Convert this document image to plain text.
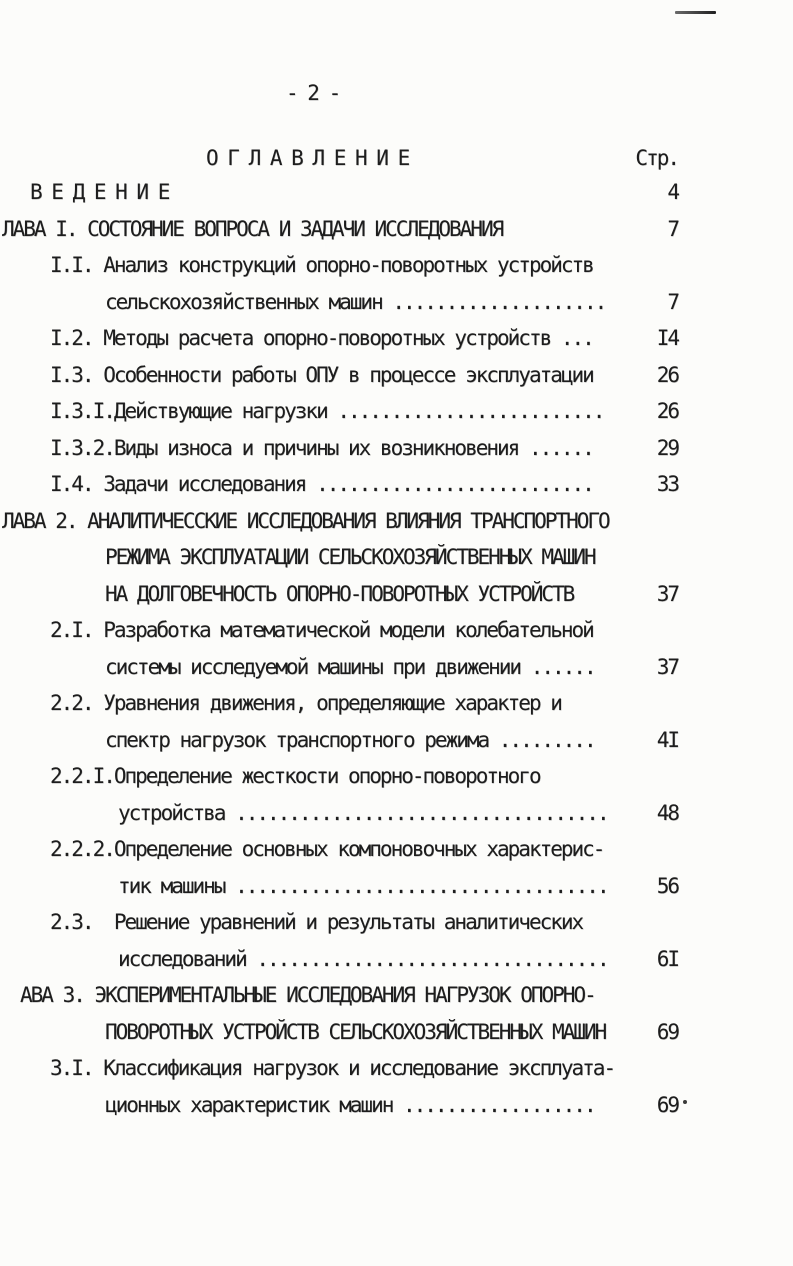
- 2 -
О Г Л А В Л Е Н И Е	Стр.
В Е Д Е Н И Е	4
ЛАВА I. СОСТОЯНИЕ ВОПРОСА И ЗАДАЧИ ИССЛЕДОВАНИЯ	7
I.I. Анализ конструкций опорно-поворотных устройств
сельскохозяйственных машин ....................	7
I.2. Методы расчета опорно-поворотных устройств ...	I4
I.3. Особенности работы ОПУ в процессе эксплуатации	26
I.3.I.Действующие нагрузки .........................	26
I.3.2.Виды износа и причины их возникновения ......	29
I.4. Задачи исследования ..........................	33
ЛАВА 2. АНАЛИТИЧЕССКИЕ ИССЛЕДОВАНИЯ ВЛИЯНИЯ ТРАНСПОРТНОГО
РЕЖИМА ЭКСПЛУАТАЦИИ СЕЛЬСКОХОЗЯЙСТВЕННЫХ МАШИН
НА ДОЛГОВЕЧНОСТЬ ОПОРНО-ПОВОРОТНЫХ УСТРОЙСТВ	37
2.I. Разработка математической модели колебательной
системы исследуемой машины при движении ......	37
2.2. Уравнения движения, определяющие характер и
спектр нагрузок транспортного режима .........	4I
2.2.I.Определение жесткости опорно-поворотного
устройства ...................................	48
2.2.2.Определение основных компоновочных характерис-
тик машины ...................................	56
2.3.  Решение уравнений и результаты аналитических
исследований .................................	6I
АВА 3. ЭКСПЕРИМЕНТАЛЬНЫЕ ИССЛЕДОВАНИЯ НАГРУЗОК ОПОРНО-
ПОВОРОТНЫХ УСТРОЙСТВ СЕЛЬСКОХОЗЯЙСТВЕННЫХ МАШИН	69
3.I. Классификация нагрузок и исследование эксплуата-
ционных характеристик машин ..................	69
